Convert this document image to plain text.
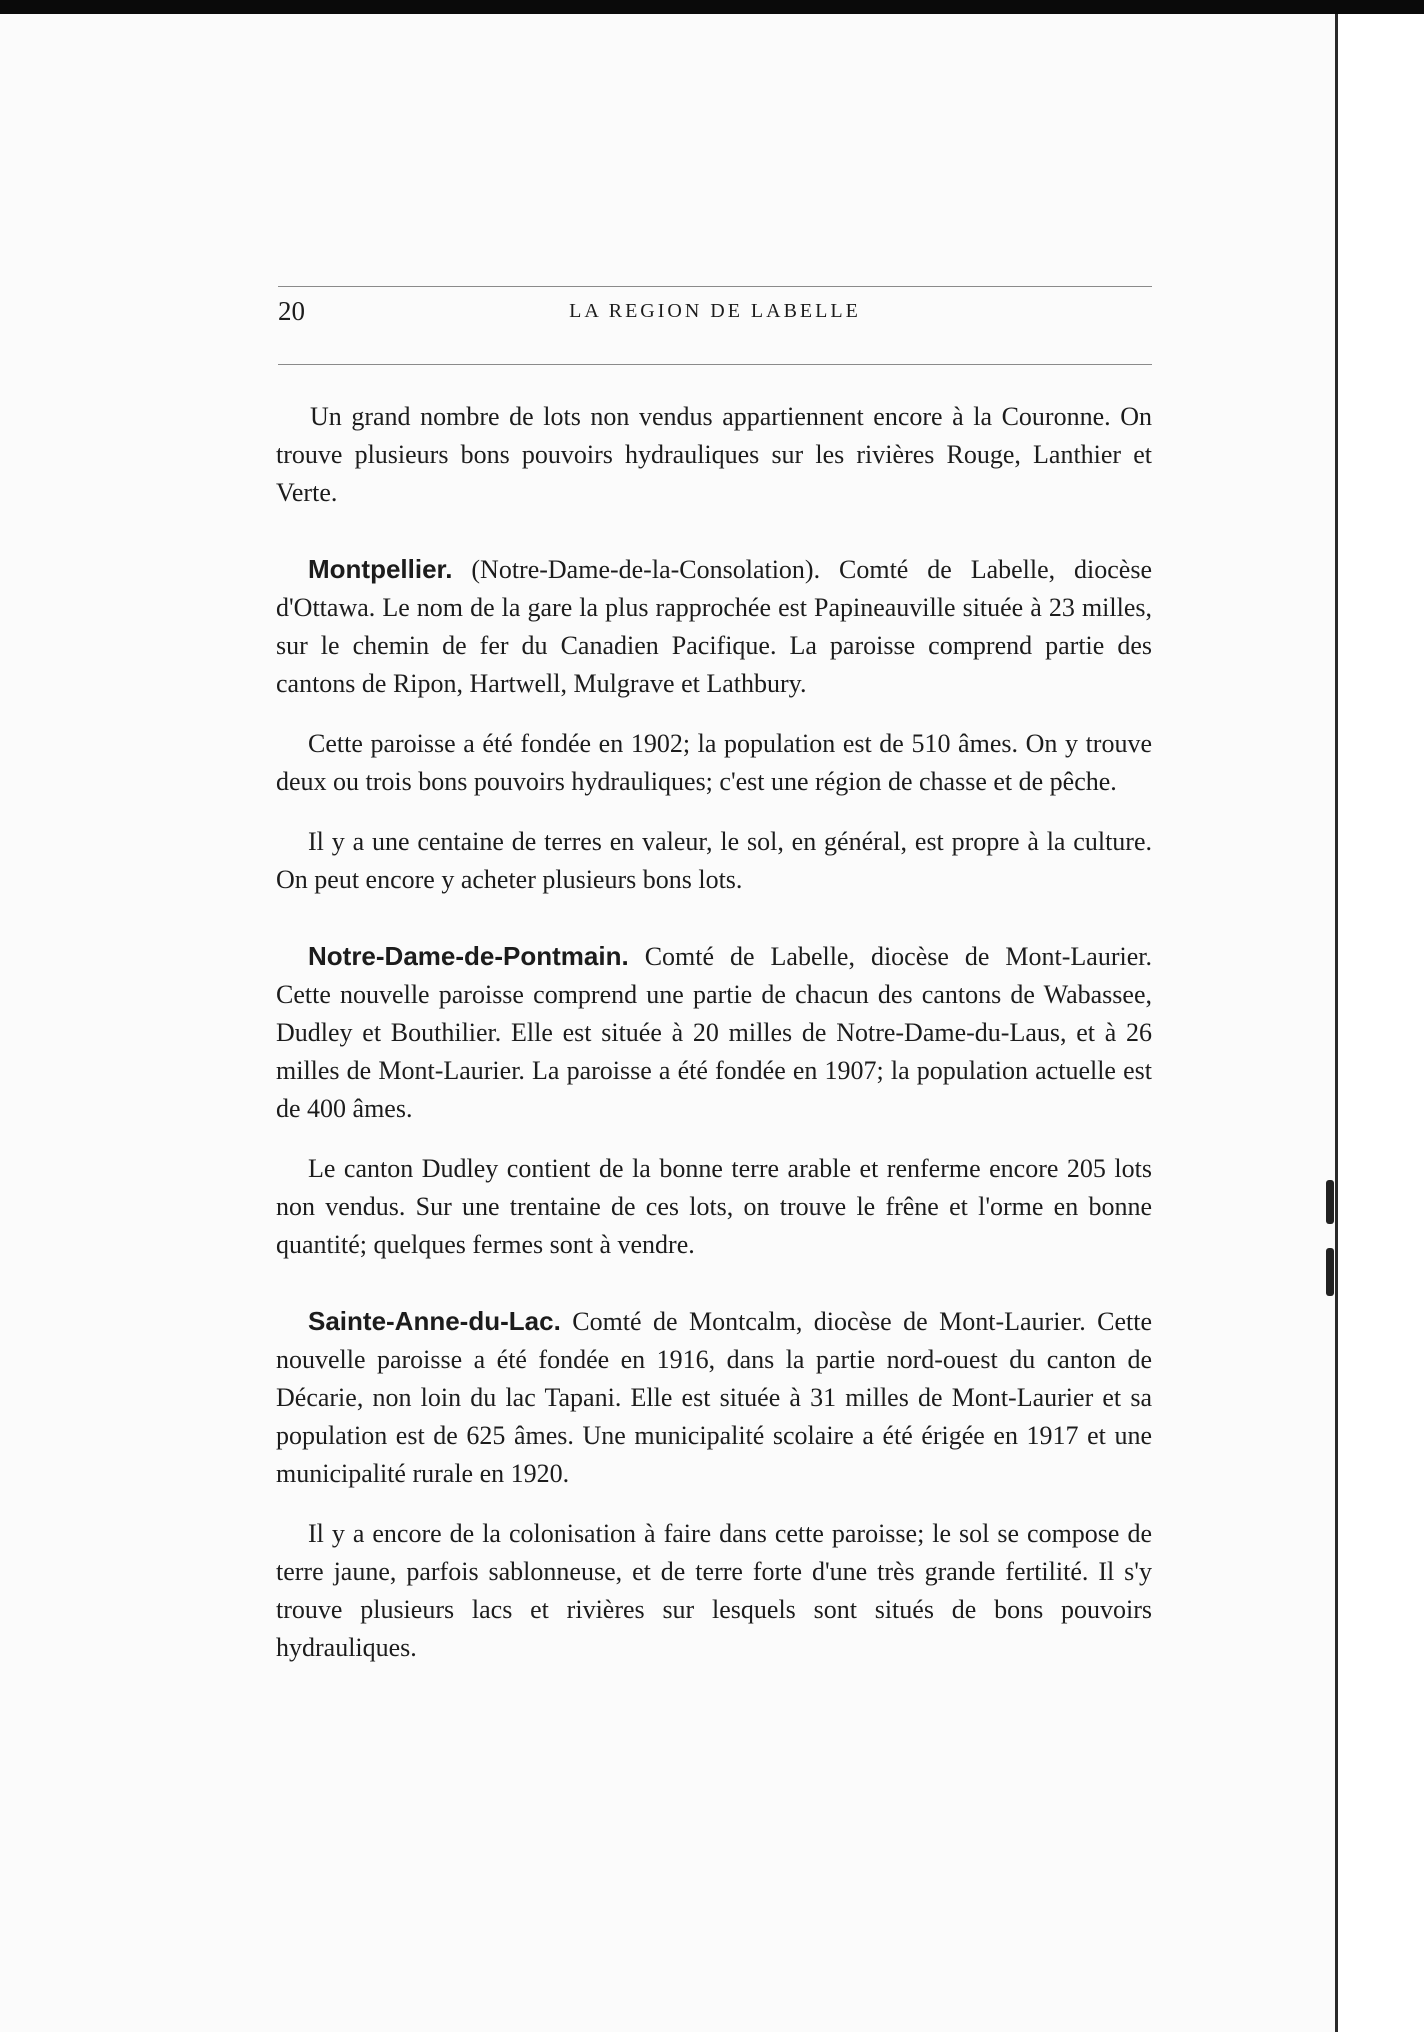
20	LA REGION DE LABELLE

Un grand nombre de lots non vendus appartiennent encore à la Couronne. On trouve plusieurs bons pouvoirs hydrauliques sur les rivières Rouge, Lanthier et Verte.

Montpellier. (Notre-Dame-de-la-Consolation). Comté de Labelle, diocèse d'Ottawa. Le nom de la gare la plus rapprochée est Papineauville située à 23 milles, sur le chemin de fer du Canadien Pacifique. La paroisse comprend partie des cantons de Ripon, Hartwell, Mulgrave et Lathbury.

Cette paroisse a été fondée en 1902; la population est de 510 âmes. On y trouve deux ou trois bons pouvoirs hydrauliques; c'est une région de chasse et de pêche.

Il y a une centaine de terres en valeur, le sol, en général, est propre à la culture. On peut encore y acheter plusieurs bons lots.

Notre-Dame-de-Pontmain. Comté de Labelle, diocèse de Mont-Laurier. Cette nouvelle paroisse comprend une partie de chacun des cantons de Wabassee, Dudley et Bouthilier. Elle est située à 20 milles de Notre-Dame-du-Laus, et à 26 milles de Mont-Laurier. La paroisse a été fondée en 1907; la population actuelle est de 400 âmes.

Le canton Dudley contient de la bonne terre arable et renferme encore 205 lots non vendus. Sur une trentaine de ces lots, on trouve le frêne et l'orme en bonne quantité; quelques fermes sont à vendre.

Sainte-Anne-du-Lac. Comté de Montcalm, diocèse de Mont-Laurier. Cette nouvelle paroisse a été fondée en 1916, dans la partie nord-ouest du canton de Décarie, non loin du lac Tapani. Elle est située à 31 milles de Mont-Laurier et sa population est de 625 âmes. Une municipalité scolaire a été érigée en 1917 et une municipalité rurale en 1920.

Il y a encore de la colonisation à faire dans cette paroisse; le sol se compose de terre jaune, parfois sablonneuse, et de terre forte d'une très grande fertilité. Il s'y trouve plusieurs lacs et rivières sur lesquels sont situés de bons pouvoirs hydrauliques.
